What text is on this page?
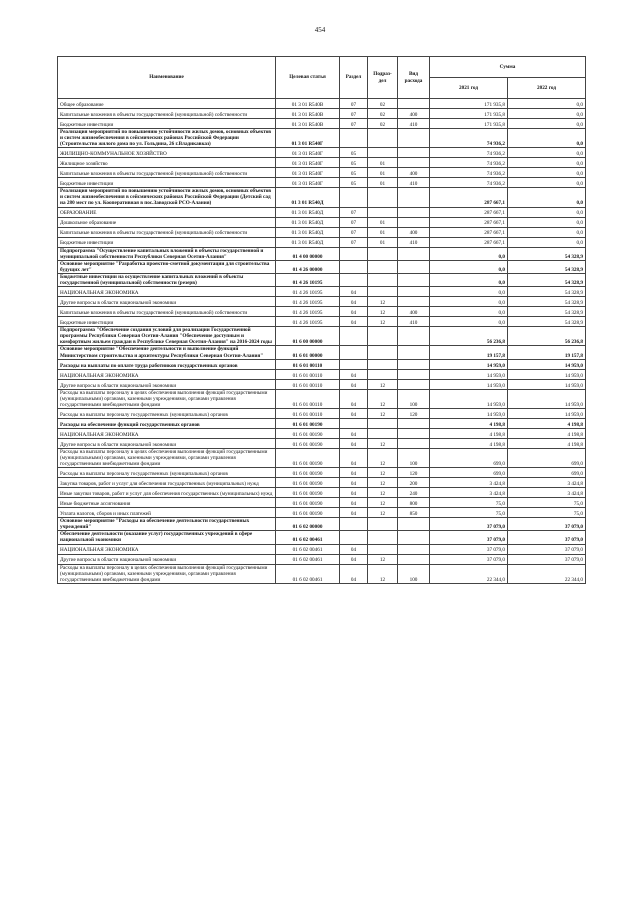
454
Наименование	Целевая статья	Раздел	Подраз-дел	Вид расхода	Сумма	
					2021 год	2022 год
Общее образование	01 3 01 R540В	07	02		171 935,8	0,0
Капитальные вложения в объекты государственной (муниципальной) собственности	01 3 01 R540В	07	02	400	171 935,8	0,0
Бюджетные инвестиции	01 3 01 R540В	07	02	410	171 935,8	0,0
Реализация мероприятий по повышению устойчивости жилых домов, основных объектов и систем жизнеобеспечения в сейсмических районах Российской Федерации (Строительство жилого дома по ул. Гольдина, 26 г.Владикавказ)	01 3 01 R540Г				74 936,2	0,0
ЖИЛИЩНО-КОММУНАЛЬНОЕ ХОЗЯЙСТВО	01 3 01 R540Г	05			74 936,2	0,0
Жилищное хозяйство	01 3 01 R540Г	05	01		74 936,2	0,0
Капитальные вложения в объекты государственной (муниципальной) собственности	01 3 01 R540Г	05	01	400	74 936,2	0,0
Бюджетные инвестиции	01 3 01 R540Г	05	01	410	74 936,2	0,0
Реализация мероприятий по повышению устойчивости жилых домов, основных объектов и систем жизнеобеспечения в сейсмических районах Российской Федерации (Детский сад на 280 мест по ул. Кооперативная в пос.Заводской РСО-Алания)	01 3 01 R540Д				287 667,1	0,0
ОБРАЗОВАНИЕ	01 3 01 R540Д	07			287 667,1	0,0
Дошкольное образование	01 3 01 R540Д	07	01		287 667,1	0,0
Капитальные вложения в объекты государственной (муниципальной) собственности	01 3 01 R540Д	07	01	400	287 667,1	0,0
Бюджетные инвестиции	01 3 01 R540Д	07	01	410	287 667,1	0,0
Подпрограмма "Осуществление капитальных вложений в объекты государственной и муниципальной собственности Республики Северная Осетия-Алания"	01 4 00 00000				0,0	54 328,9
Основное мероприятие "Разработка проектно-сметной документации для строительства будущих лет"	01 4 26 00000				0,0	54 328,9
Бюджетные инвестиции на осуществление капитальных вложений в объекты государственной (муниципальной) собственности (резерв)	01 4 26 10195				0,0	54 328,9
НАЦИОНАЛЬНАЯ ЭКОНОМИКА	01 4 26 10195	04			0,0	54 328,9
Другие вопросы в области национальной экономики	01 4 26 10195	04	12		0,0	54 328,9
Капитальные вложения в объекты государственной (муниципальной) собственности	01 4 26 10195	04	12	400	0,0	54 328,9
Бюджетные инвестиции	01 4 26 10195	04	12	410	0,0	54 328,9
Подпрограмма "Обеспечение создания условий для реализации Государственной программы Республики Северная Осетия-Алания "Обеспечение доступным и комфортным жильем граждан в Республике Северная Осетия-Алания" на 2016-2024 годы	01 6 00 00000				56 236,8	56 236,8
Основное мероприятие "Обеспечение деятельности и выполнение функций Министерством строительства и архитектуры Республики Северная Осетия-Алания"	01 6 01 00000				19 157,8	19 157,8
Расходы на выплаты по оплате труда работников государственных органов	01 6 01 00110				14 959,0	14 959,0
НАЦИОНАЛЬНАЯ ЭКОНОМИКА	01 6 01 00110	04			14 959,0	14 959,0
Другие вопросы в области национальной экономики	01 6 01 00110	04	12		14 959,0	14 959,0
Расходы на выплаты персоналу в целях обеспечения выполнения функций государственными (муниципальными) органами, казенными учреждениями, органами управления государственными внебюджетными фондами	01 6 01 00110	04	12	100	14 959,0	14 959,0
Расходы на выплаты персоналу государственных (муниципальных) органов	01 6 01 00110	04	12	120	14 959,0	14 959,0
Расходы на обеспечение функций государственных органов	01 6 01 00190				4 198,8	4 198,8
НАЦИОНАЛЬНАЯ ЭКОНОМИКА	01 6 01 00190	04			4 198,8	4 198,8
Другие вопросы в области национальной экономики	01 6 01 00190	04	12		4 198,8	4 198,8
Расходы на выплаты персоналу в целях обеспечения выполнения функций государственными (муниципальными) органами, казенными учреждениями, органами управления государственными внебюджетными фондами	01 6 01 00190	04	12	100	699,0	699,0
Расходы на выплаты персоналу государственных (муниципальных) органов	01 6 01 00190	04	12	120	699,0	699,0
Закупка товаров, работ и услуг для обеспечения государственных (муниципальных) нужд	01 6 01 00190	04	12	200	3 424,8	3 424,8
Иные закупки товаров, работ и услуг для обеспечения государственных (муниципальных) нужд	01 6 01 00190	04	12	240	3 424,8	3 424,8
Иные бюджетные ассигнования	01 6 01 00190	04	12	800	75,0	75,0
Уплата налогов, сборов и иных платежей	01 6 01 00190	04	12	850	75,0	75,0
Основное мероприятие "Расходы на обеспечение деятельности государственных учреждений"	01 6 02 00000				37 079,0	37 079,0
Обеспечение деятельности (оказание услуг) государственных учреждений в сфере национальной экономики	01 6 02 00461				37 079,0	37 079,0
НАЦИОНАЛЬНАЯ ЭКОНОМИКА	01 6 02 00461	04			37 079,0	37 079,0
Другие вопросы в области национальной экономики	01 6 02 00461	04	12		37 079,0	37 079,0
Расходы на выплаты персоналу в целях обеспечения выполнения функций государственными (муниципальными) органами, казенными учреждениями, органами управления государственными внебюджетными фондами	01 6 02 00461	04	12	100	22 344,0	22 344,0
